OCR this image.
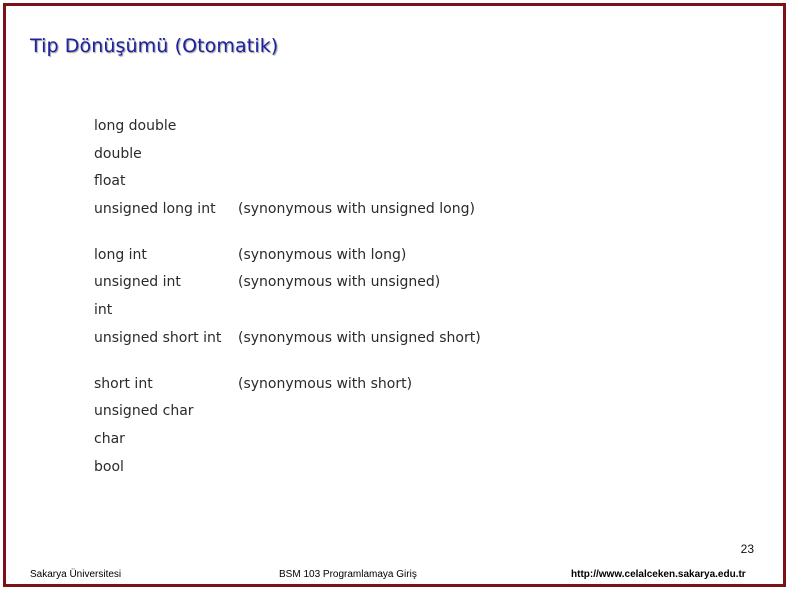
Tip Dönüşümü (Otomatik)
long double
double
float
unsigned long int (synonymous with unsigned long)
long int	(synonymous with long)
unsigned int	(synonymous with unsigned)
int
unsigned short int (synonymous with unsigned short)
short int	(synonymous with short)
unsigned char
char
bool
23
Sakarya Üniversitesi	BSM 103 Programlamaya Giriş	http://www.celalceken.sakarya.edu.tr
